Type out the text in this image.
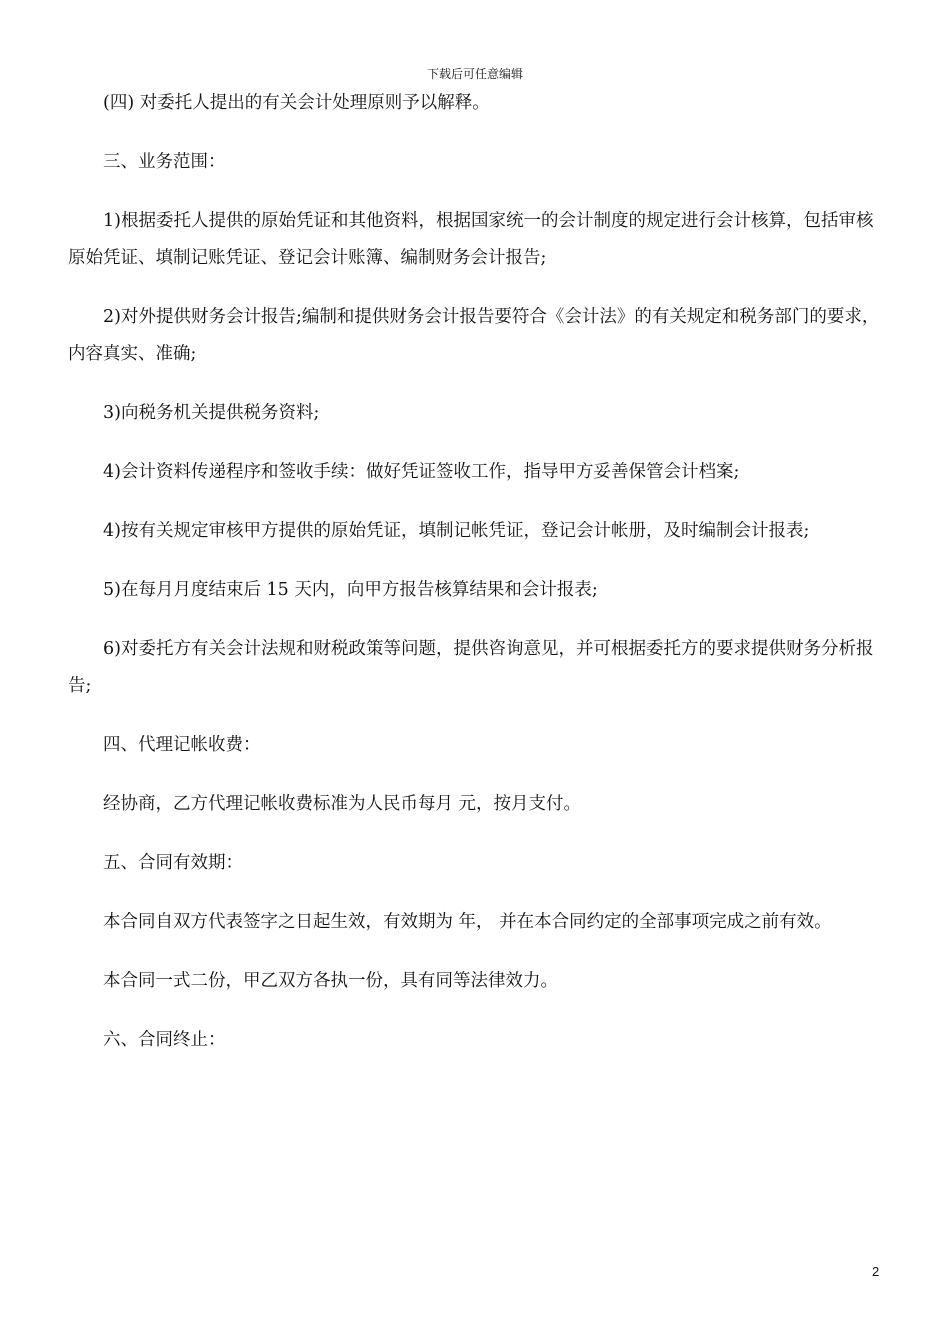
下载后可任意编辑

(四) 对委托人提出的有关会计处理原则予以解释。

三、业务范围：

1)根据委托人提供的原始凭证和其他资料，根据国家统一的会计制度的规定进行会计核算，包括审核原始凭证、填制记账凭证、登记会计账簿、编制财务会计报告;

2)对外提供财务会计报告;编制和提供财务会计报告要符合《会计法》的有关规定和税务部门的要求，内容真实、准确;

3)向税务机关提供税务资料;

4)会计资料传递程序和签收手续：做好凭证签收工作，指导甲方妥善保管会计档案;

4)按有关规定审核甲方提供的原始凭证，填制记帐凭证，登记会计帐册，及时编制会计报表;

5)在每月月度结束后 15 天内，向甲方报告核算结果和会计报表;

6)对委托方有关会计法规和财税政策等问题，提供咨询意见，并可根据委托方的要求提供财务分析报告;

四、代理记帐收费：

经协商，乙方代理记帐收费标准为人民币每月 元，按月支付。

五、合同有效期：

本合同自双方代表签字之日起生效，有效期为 年， 并在本合同约定的全部事项完成之前有效。

本合同一式二份，甲乙双方各执一份，具有同等法律效力。

六、合同终止：

2
